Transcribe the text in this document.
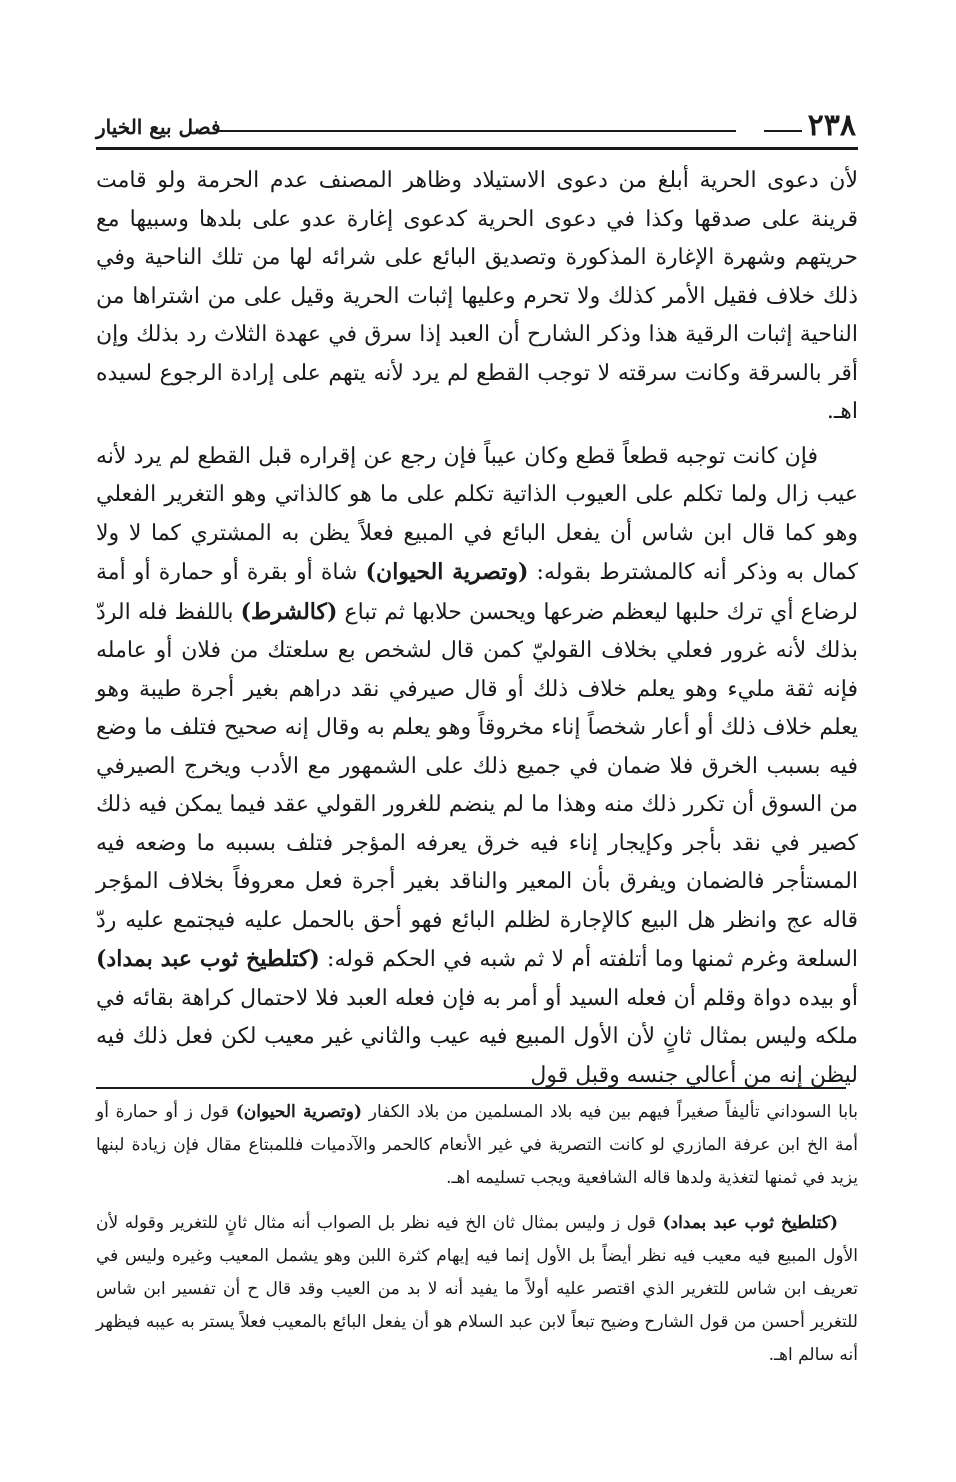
٢٣٨
فصل بيع الخيار

لأن دعوى الحرية أبلغ من دعوى الاستيلاد وظاهر المصنف عدم الحرمة ولو قامت قرينة على صدقها وكذا في دعوى الحرية كدعوى إغارة عدو على بلدها وسبيها مع حريتهم وشهرة الإغارة المذكورة وتصديق البائع على شرائه لها من تلك الناحية وفي ذلك خلاف فقيل الأمر كذلك ولا تحرم وعليها إثبات الحرية وقيل على من اشتراها من الناحية إثبات الرقية هذا وذكر الشارح أن العبد إذا سرق في عهدة الثلاث رد بذلك وإن أقر بالسرقة وكانت سرقته لا توجب القطع لم يرد لأنه يتهم على إرادة الرجوع لسيده اهـ.

فإن كانت توجبه قطعاً قطع وكان عيباً فإن رجع عن إقراره قبل القطع لم يرد لأنه عيب زال ولما تكلم على العيوب الذاتية تكلم على ما هو كالذاتي وهو التغرير الفعلي وهو كما قال ابن شاس أن يفعل البائع في المبيع فعلاً يظن به المشتري كما لا ولا كمال به وذكر أنه كالمشترط بقوله: (وتصرية الحيوان) شاة أو بقرة أو حمارة أو أمة لرضاع أي ترك حلبها ليعظم ضرعها ويحسن حلابها ثم تباع (كالشرط) باللفظ فله الردّ بذلك لأنه غرور فعلي بخلاف القوليّ كمن قال لشخص بع سلعتك من فلان أو عامله فإنه ثقة مليء وهو يعلم خلاف ذلك أو قال صيرفي نقد دراهم بغير أجرة طيبة وهو يعلم خلاف ذلك أو أعار شخصاً إناء مخروقاً وهو يعلم به وقال إنه صحيح فتلف ما وضع فيه بسبب الخرق فلا ضمان في جميع ذلك على الشمهور مع الأدب ويخرج الصيرفي من السوق أن تكرر ذلك منه وهذا ما لم ينضم للغرور القولي عقد فيما يمكن فيه ذلك كصير في نقد بأجر وكإيجار إناء فيه خرق يعرفه المؤجر فتلف بسببه ما وضعه فيه المستأجر فالضمان ويفرق بأن المعير والناقد بغير أجرة فعل معروفاً بخلاف المؤجر قاله عج وانظر هل البيع كالإجارة لظلم البائع فهو أحق بالحمل عليه فيجتمع عليه ردّ السلعة وغرم ثمنها وما أتلفته أم لا ثم شبه في الحكم قوله: (كتلطيخ ثوب عبد بمداد) أو بيده دواة وقلم أن فعله السيد أو أمر به فإن فعله العبد فلا لاحتمال كراهة بقائه في ملكه وليس بمثال ثانٍ لأن الأول المبيع فيه عيب والثاني غير معيب لكن فعل ذلك فيه ليظن إنه من أعالي جنسه وقبل قول

بابا السوداني تأليفاً صغيراً فيهم بين فيه بلاد المسلمين من بلاد الكفار (وتصرية الحيوان) قول ز أو حمارة أو أمة الخ ابن عرفة المازري لو كانت التصرية في غير الأنعام كالحمر والآدميات فللمبتاع مقال فإن زيادة لبنها يزيد في ثمنها لتغذية ولدها قاله الشافعية ويجب تسليمه اهـ.

(كتلطيخ ثوب عبد بمداد) قول ز وليس بمثال ثان الخ فيه نظر بل الصواب أنه مثال ثانٍ للتغرير وقوله لأن الأول المبيع فيه معيب فيه نظر أيضاً بل الأول إنما فيه إيهام كثرة اللبن وهو يشمل المعيب وغيره وليس في تعريف ابن شاس للتغرير الذي اقتصر عليه أولاً ما يفيد أنه لا بد من العيب وقد قال ح أن تفسير ابن شاس للتغرير أحسن من قول الشارح وضيح تبعاً لابن عبد السلام هو أن يفعل البائع بالمعيب فعلاً يستر به عيبه فيظهر أنه سالم اهـ.
